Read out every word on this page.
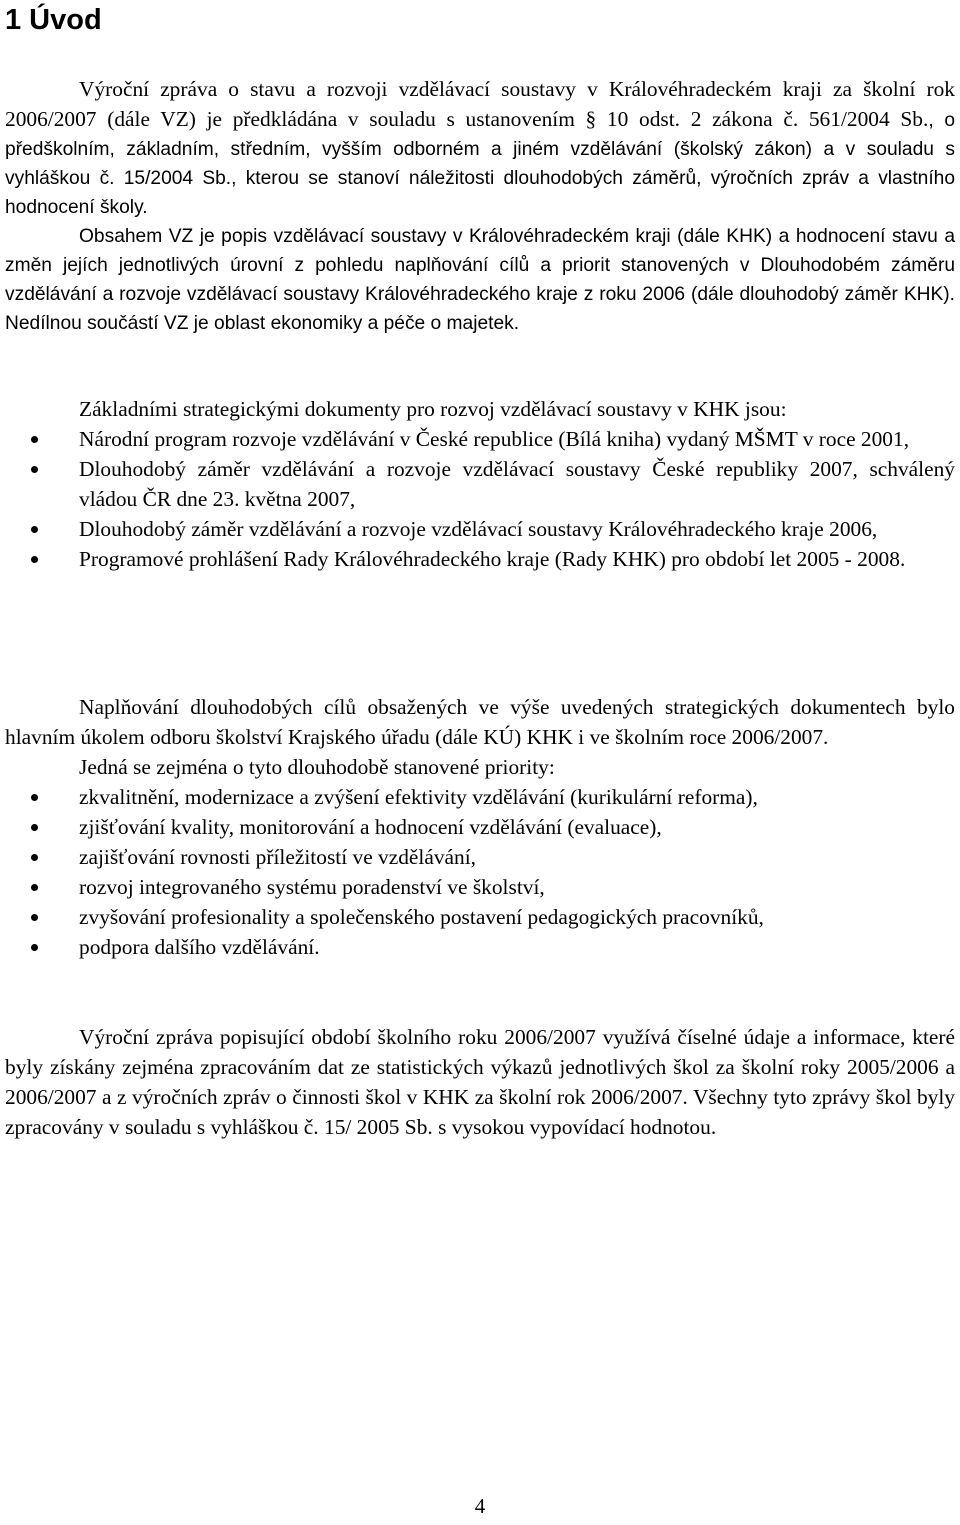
1 Úvod

Výroční zpráva o stavu a rozvoji vzdělávací soustavy v Královéhradeckém kraji za školní rok 2006/2007 (dále VZ) je předkládána v souladu s ustanovením § 10 odst. 2 zákona č. 561/2004 Sb., o předškolním, základním, středním, vyšším odborném a jiném vzdělávání (školský zákon) a v souladu s vyhláškou č. 15/2004 Sb., kterou se stanoví náležitosti dlouhodobých záměrů, výročních zpráv a vlastního hodnocení školy.

Obsahem VZ je popis vzdělávací soustavy v Královéhradeckém kraji (dále KHK) a hodnocení stavu a změn jejích jednotlivých úrovní z pohledu naplňování cílů a priorit stanovených v Dlouhodobém záměru vzdělávání a rozvoje vzdělávací soustavy Královéhradeckého kraje z roku 2006 (dále dlouhodobý záměr KHK). Nedílnou součástí VZ je oblast ekonomiky a péče o majetek.

Základními strategickými dokumenty pro rozvoj vzdělávací soustavy v KHK jsou:

Národní program rozvoje vzdělávání v České republice (Bílá kniha) vydaný MŠMT v roce 2001,
Dlouhodobý záměr vzdělávání a rozvoje vzdělávací soustavy České republiky 2007, schválený vládou ČR dne 23. května 2007,
Dlouhodobý záměr vzdělávání a rozvoje vzdělávací soustavy Královéhradeckého kraje 2006,
Programové prohlášení Rady Královéhradeckého kraje (Rady KHK) pro období let 2005 - 2008.

Naplňování dlouhodobých cílů obsažených ve výše uvedených strategických dokumentech bylo hlavním úkolem odboru školství Krajského úřadu (dále KÚ) KHK i ve školním roce 2006/2007.

Jedná se zejména o tyto dlouhodobě stanovené priority:

zkvalitnění, modernizace a zvýšení efektivity vzdělávání (kurikulární reforma),
zjišťování kvality, monitorování a hodnocení vzdělávání (evaluace),
zajišťování rovnosti příležitostí ve vzdělávání,
rozvoj integrovaného systému poradenství ve školství,
zvyšování profesionality a společenského postavení pedagogických pracovníků,
podpora dalšího vzdělávání.

Výroční zpráva popisující období školního roku 2006/2007 využívá číselné údaje a informace, které byly získány zejména zpracováním dat ze statistických výkazů jednotlivých škol za školní roky 2005/2006 a 2006/2007 a z výročních zpráv o činnosti škol v KHK za školní rok 2006/2007. Všechny tyto zprávy škol byly zpracovány v souladu s vyhláškou č. 15/ 2005 Sb. s vysokou vypovídací hodnotou.

4
